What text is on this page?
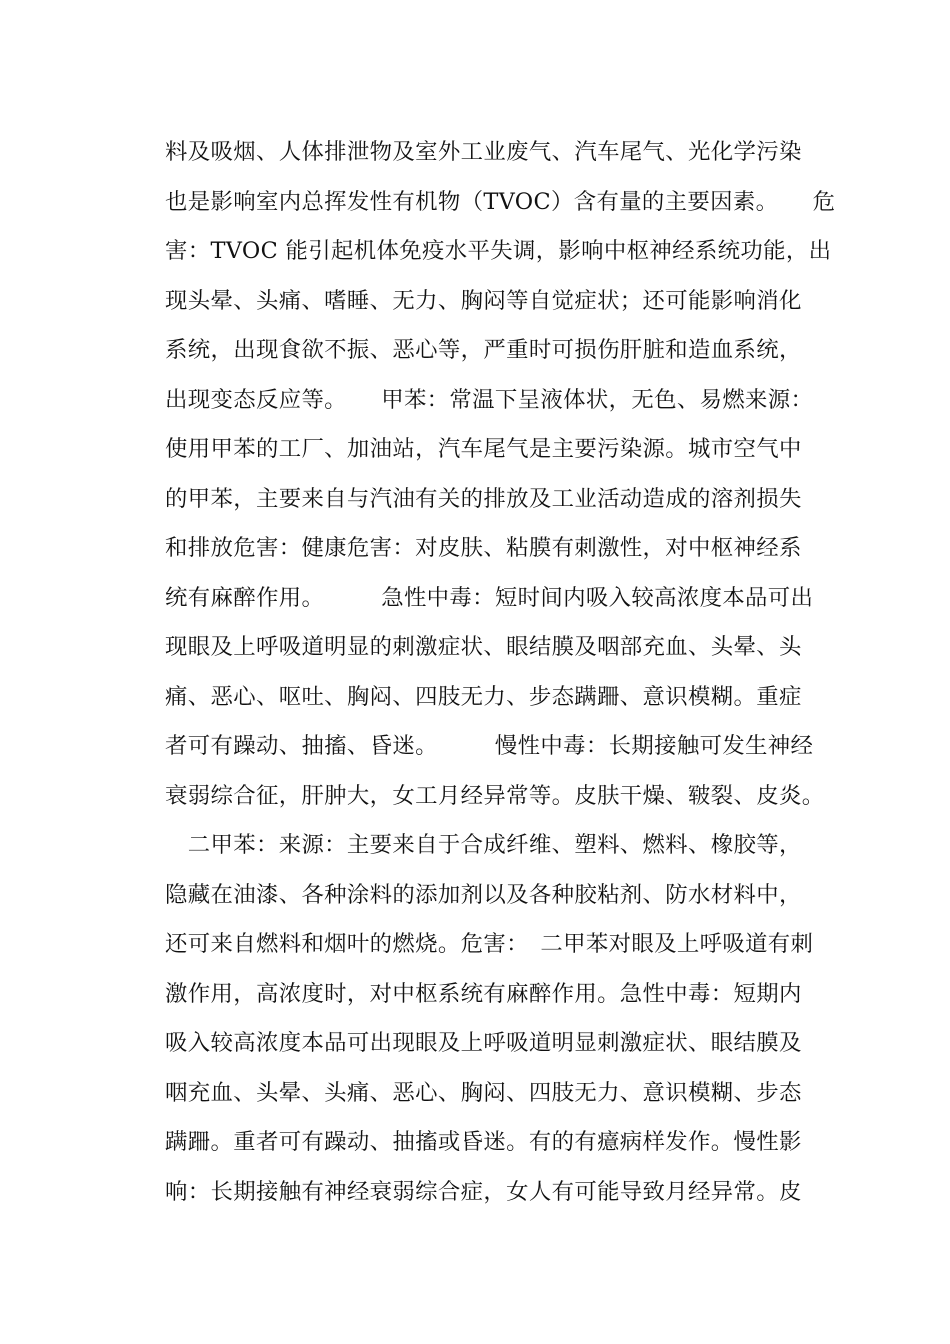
料及吸烟、人体排泄物及室外工业废气、汽车尾气、光化学污染
也是影响室内总挥发性有机物（TVOC）含有量的主要因素。　　危
害：TVOC 能引起机体免疫水平失调，影响中枢神经系统功能，出
现头晕、头痛、嗜睡、无力、胸闷等自觉症状；还可能影响消化
系统，出现食欲不振、恶心等，严重时可损伤肝脏和造血系统，
出现变态反应等。　　甲苯：常温下呈液体状，无色、易燃来源：
使用甲苯的工厂、加油站，汽车尾气是主要污染源。城市空气中
的甲苯，主要来自与汽油有关的排放及工业活动造成的溶剂损失
和排放危害：健康危害：对皮肤、粘膜有刺激性，对中枢神经系
统有麻醉作用。　　　急性中毒：短时间内吸入较高浓度本品可出
现眼及上呼吸道明显的刺激症状、眼结膜及咽部充血、头晕、头
痛、恶心、呕吐、胸闷、四肢无力、步态蹒跚、意识模糊。重症
者可有躁动、抽搐、昏迷。　　　慢性中毒：长期接触可发生神经
衰弱综合征，肝肿大，女工月经异常等。皮肤干燥、皲裂、皮炎。
　二甲苯：来源：主要来自于合成纤维、塑料、燃料、橡胶等，
隐藏在油漆、各种涂料的添加剂以及各种胶粘剂、防水材料中，
还可来自燃料和烟叶的燃烧。危害：　二甲苯对眼及上呼吸道有刺
激作用，高浓度时，对中枢系统有麻醉作用。急性中毒：短期内
吸入较高浓度本品可出现眼及上呼吸道明显刺激症状、眼结膜及
咽充血、头晕、头痛、恶心、胸闷、四肢无力、意识模糊、步态
蹒跚。重者可有躁动、抽搐或昏迷。有的有癔病样发作。慢性影
响：长期接触有神经衰弱综合症，女人有可能导致月经异常。皮
